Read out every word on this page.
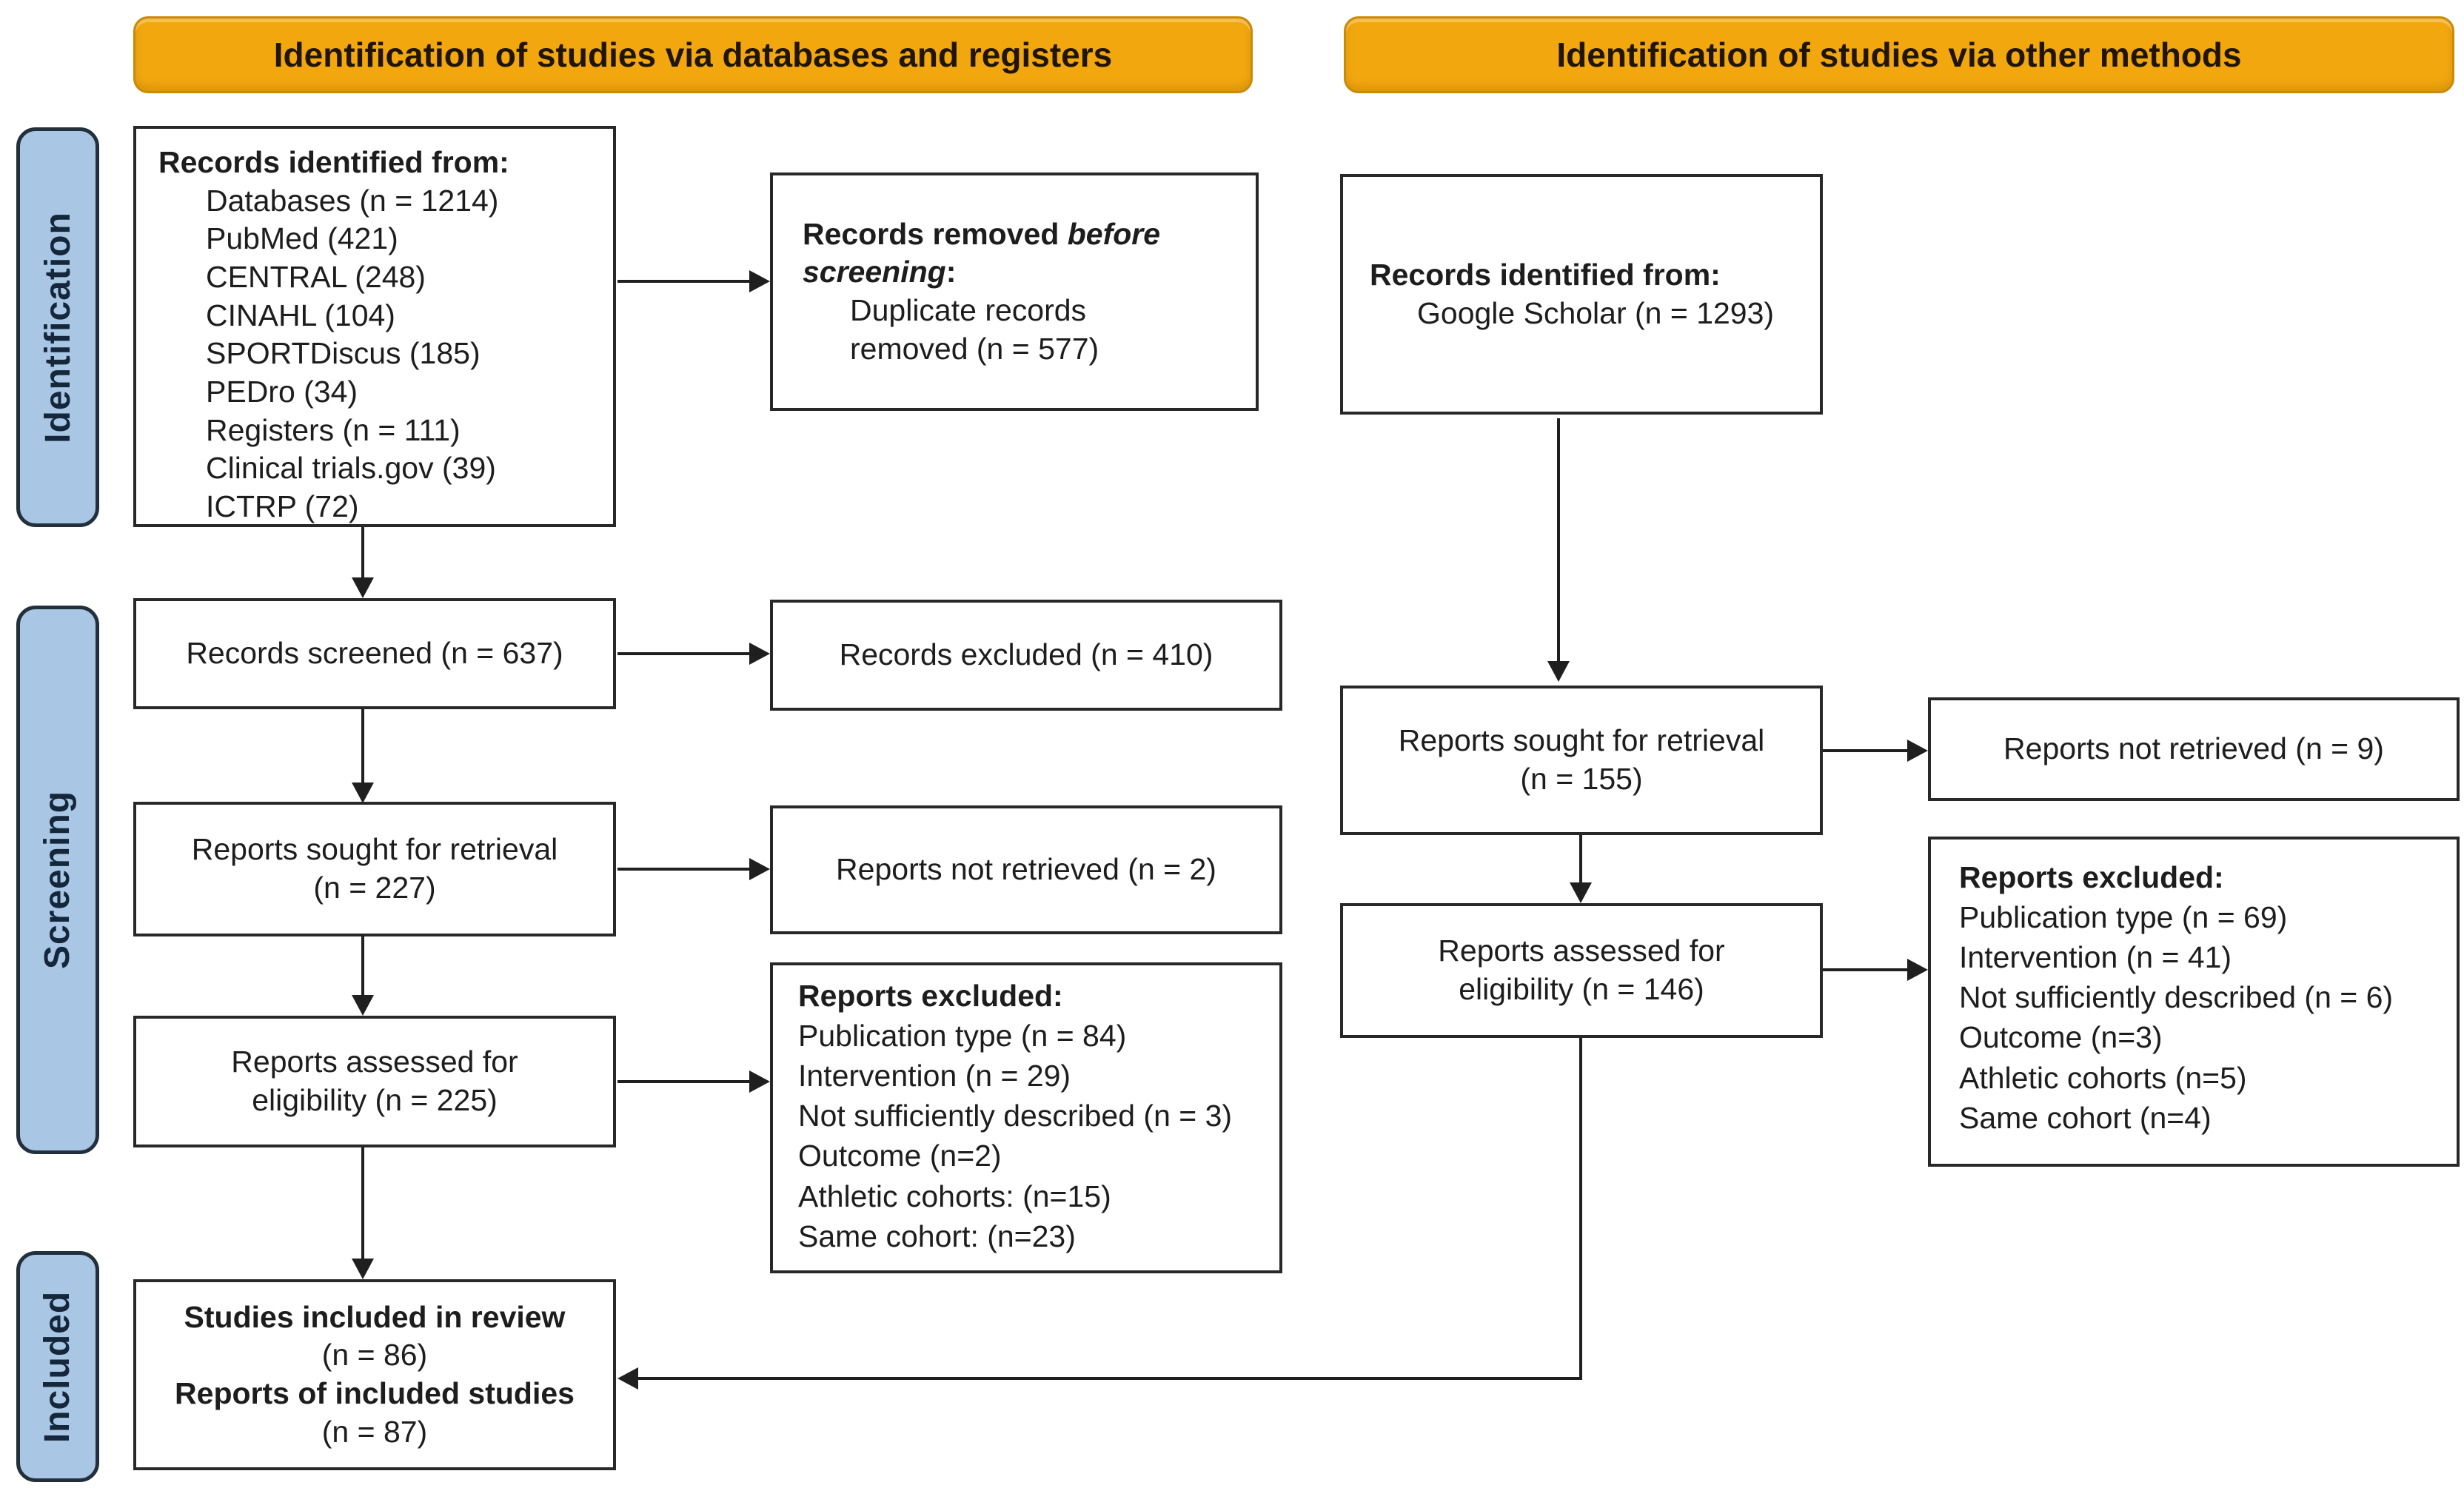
Identification of studies via databases and registers	Identification of studies via other methods
Identification
Screening
Included
Records identified from:
Databases (n = 1214)
PubMed (421)
CENTRAL (248)
CINAHL (104)
SPORTDiscus (185)
PEDro (34)
Registers (n = 111)
Clinical trials.gov (39)
ICTRP (72)
Records screened (n = 637)
Reports sought for retrieval
(n = 227)
Reports assessed for
eligibility (n = 225)
Studies included in review
(n = 86)
Reports of included studies
(n = 87)
Records removed before screening:
Duplicate records
removed (n = 577)
Records excluded (n = 410)
Reports not retrieved (n = 2)
Reports excluded:
Publication type (n = 84)
Intervention (n = 29)
Not sufficiently described (n = 3)
Outcome (n=2)
Athletic cohorts: (n=15)
Same cohort: (n=23)
Records identified from:
Google Scholar (n = 1293)
Reports sought for retrieval
(n = 155)
Reports assessed for
eligibility (n = 146)
Reports not retrieved (n = 9)
Reports excluded:
Publication type (n = 69)
Intervention (n = 41)
Not sufficiently described (n = 6)
Outcome (n=3)
Athletic cohorts (n=5)
Same cohort (n=4)
